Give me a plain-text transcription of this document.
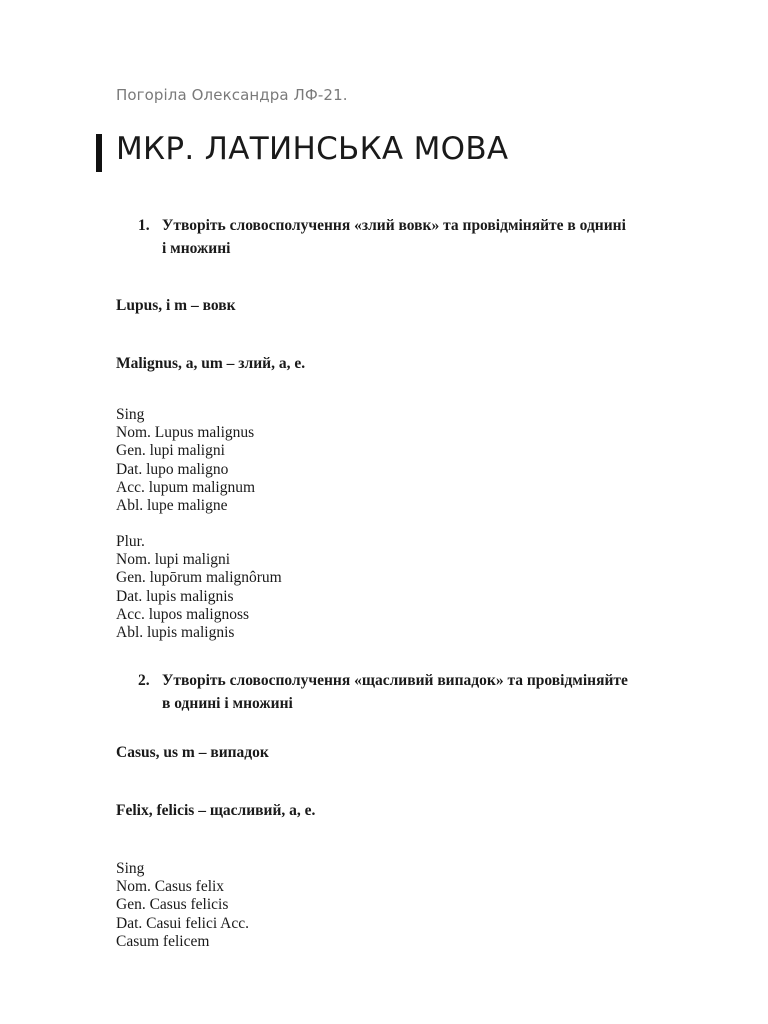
Погоріла Олександра ЛФ-21.
МКР. ЛАТИНСЬКА МОВА
1. Утворіть словосполучення «злий вовк» та провідміняйте в однині і множині
Lupus, i m – вовк
Malignus, a, um – злий, а, е.
Sing
Nom. Lupus malignus
Gen. lupi maligni
Dat. lupo maligno
Acc. lupum malignum
Abl. lupe maligne
Plur.
Nom. lupi maligni
Gen. lupōrum malignôrum
Dat. lupis malignis
Acc. lupos malignoss
Abl. lupis malignis
2. Утворіть словосполучення «щасливий випадок» та провідміняйте в однині і множині
Casus, us m – випадок
Felix, felicis – щасливий, а, е.
Sing
Nom. Casus felix
Gen. Casus felicis
Dat. Casui felici Acc.
Casum felicem
